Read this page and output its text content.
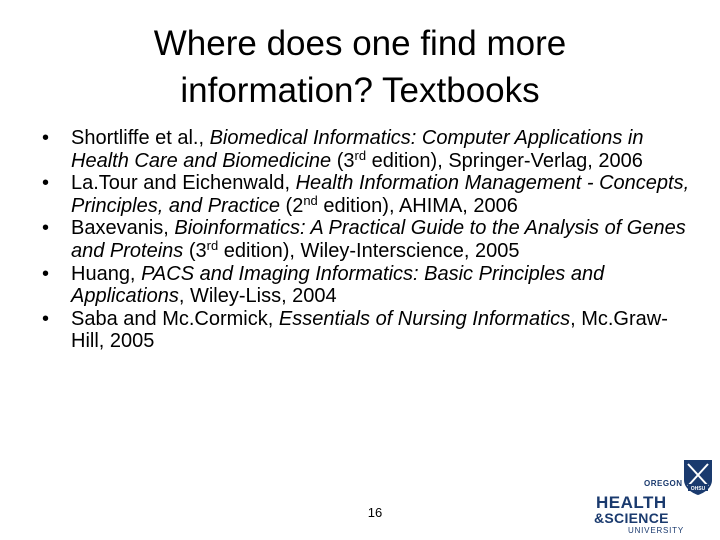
Where does one find more
information? Textbooks
• Shortliffe et al., Biomedical Informatics: Computer Applications in Health Care and Biomedicine (3rd edition), Springer-Verlag, 2006
• La.Tour and Eichenwald, Health Information Management - Concepts, Principles, and Practice (2nd edition), AHIMA, 2006
• Baxevanis, Bioinformatics: A Practical Guide to the Analysis of Genes and Proteins (3rd edition), Wiley-Interscience, 2005
• Huang, PACS and Imaging Informatics: Basic Principles and Applications, Wiley-Liss, 2004
• Saba and Mc.Cormick, Essentials of Nursing Informatics, Mc.Graw-Hill, 2005
16
OHSU
OREGON
HEALTH
&SCIENCE
UNIVERSITY
